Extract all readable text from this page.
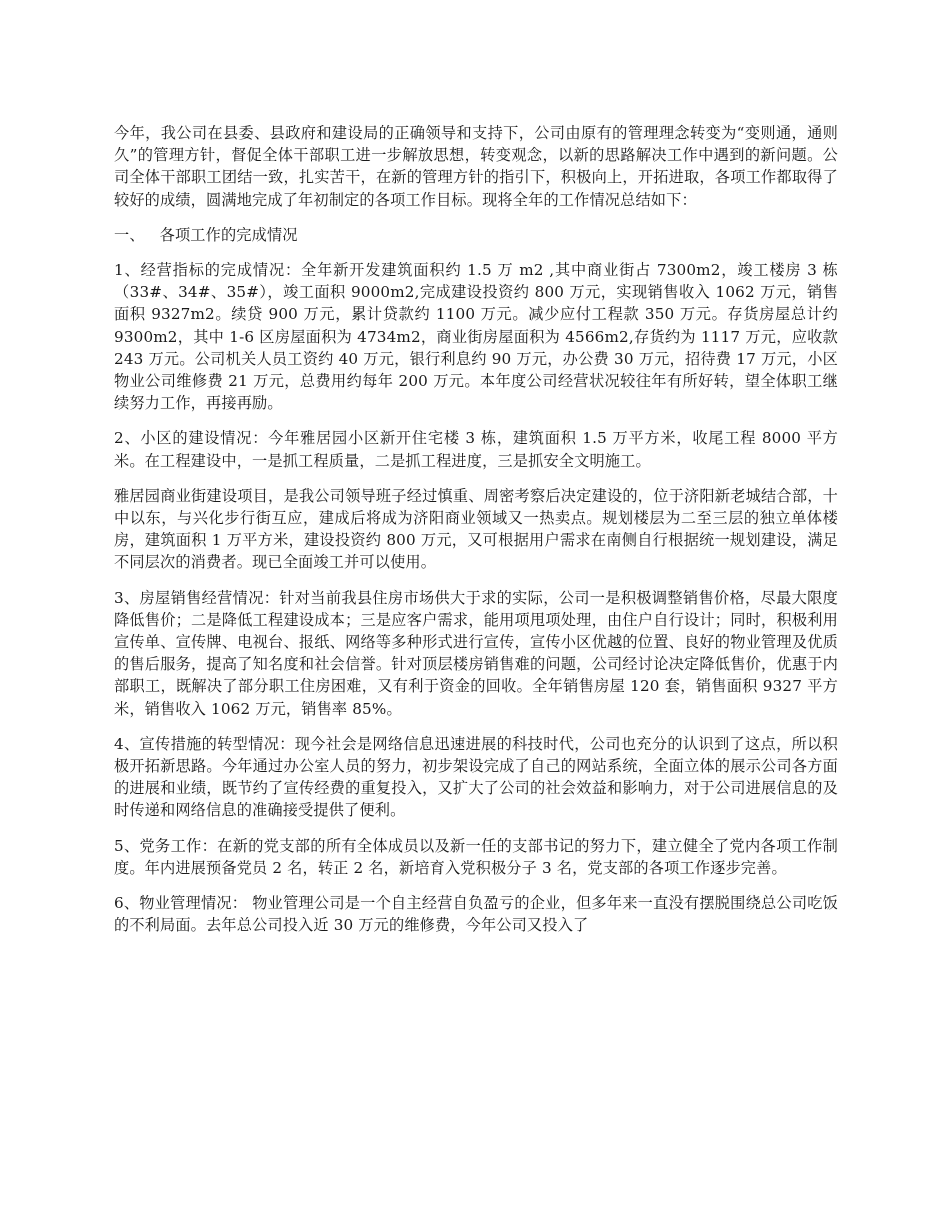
今年，我公司在县委、县政府和建设局的正确领导和支持下，公司由原有的管理理念转变为“变则通，通则久”的管理方针，督促全体干部职工进一步解放思想，转变观念，以新的思路解决工作中遇到的新问题。公司全体干部职工团结一致，扎实苦干，在新的管理方针的指引下，积极向上，开拓进取，各项工作都取得了较好的成绩，圆满地完成了年初制定的各项工作目标。现将全年的工作情况总结如下：

一、   各项工作的完成情况

1、经营指标的完成情况：全年新开发建筑面积约 1.5 万 m2 ,其中商业街占 7300m2，竣工楼房 3 栋（33#、34#、35#），竣工面积 9000m2,完成建设投资约 800 万元，实现销售收入 1062 万元，销售面积 9327m2。续贷 900 万元，累计贷款约 1100 万元。减少应付工程款 350 万元。存货房屋总计约 9300m2，其中 1-6 区房屋面积为 4734m2，商业街房屋面积为 4566m2,存货约为 1117 万元，应收款 243 万元。公司机关人员工资约 40 万元，银行利息约 90 万元，办公费 30 万元，招待费 17 万元，小区物业公司维修费 21 万元，总费用约每年 200 万元。本年度公司经营状况较往年有所好转，望全体职工继续努力工作，再接再励。

2、小区的建设情况：今年雅居园小区新开住宅楼 3 栋，建筑面积 1.5 万平方米，收尾工程 8000 平方米。在工程建设中，一是抓工程质量，二是抓工程进度，三是抓安全文明施工。

雅居园商业街建设项目，是我公司领导班子经过慎重、周密考察后决定建设的，位于济阳新老城结合部，十中以东，与兴化步行街互应，建成后将成为济阳商业领域又一热卖点。规划楼层为二至三层的独立单体楼房，建筑面积 1 万平方米，建设投资约 800 万元，又可根据用户需求在南侧自行根据统一规划建设，满足不同层次的消费者。现已全面竣工并可以使用。

3、房屋销售经营情况：针对当前我县住房市场供大于求的实际，公司一是积极调整销售价格，尽最大限度降低售价；二是降低工程建设成本；三是应客户需求，能用项甩项处理，由住户自行设计；同时，积极利用宣传单、宣传牌、电视台、报纸、网络等多种形式进行宣传，宣传小区优越的位置、良好的物业管理及优质的售后服务，提高了知名度和社会信誉。针对顶层楼房销售难的问题，公司经讨论决定降低售价，优惠于内部职工，既解决了部分职工住房困难，又有利于资金的回收。全年销售房屋 120 套，销售面积 9327 平方米，销售收入 1062 万元，销售率 85%。

4、宣传措施的转型情况：现今社会是网络信息迅速进展的科技时代，公司也充分的认识到了这点，所以积极开拓新思路。今年通过办公室人员的努力，初步架设完成了自己的网站系统，全面立体的展示公司各方面的进展和业绩，既节约了宣传经费的重复投入，又扩大了公司的社会效益和影响力，对于公司进展信息的及时传递和网络信息的准确接受提供了便利。

5、党务工作：在新的党支部的所有全体成员以及新一任的支部书记的努力下，建立健全了党内各项工作制度。年内进展预备党员 2 名，转正 2 名，新培育入党积极分子 3 名，党支部的各项工作逐步完善。

6、物业管理情况： 物业管理公司是一个自主经营自负盈亏的企业，但多年来一直没有摆脱围绕总公司吃饭的不利局面。去年总公司投入近 30 万元的维修费，今年公司又投入了
